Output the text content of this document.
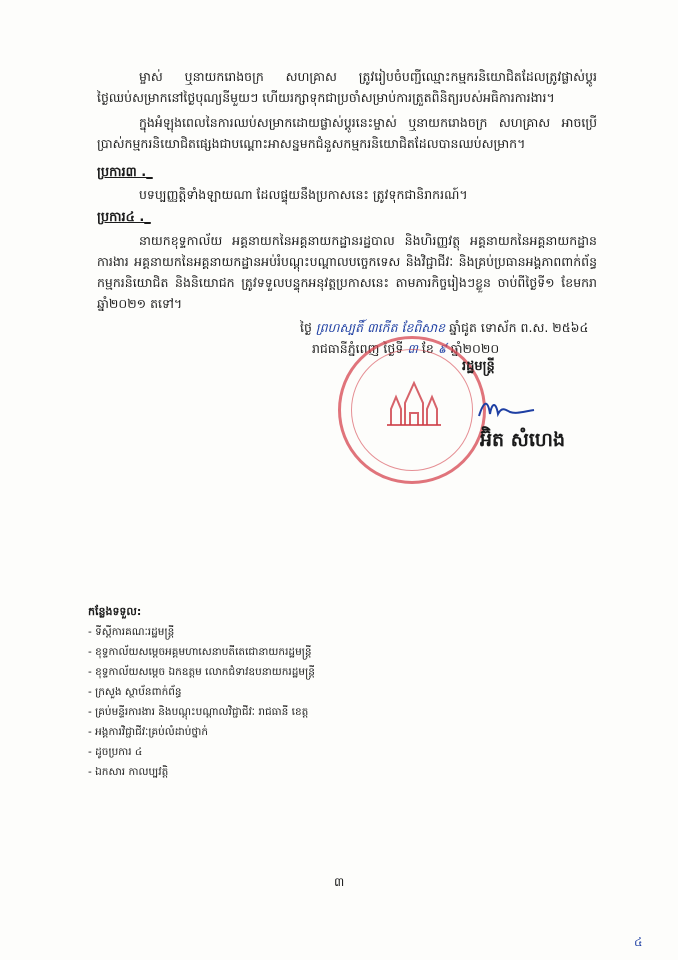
ម្ចាស់ ឬនាយករោងចក្រ សហគ្រាស ត្រូវរៀបចំបញ្ជីឈ្មោះកម្មករនិយោជិតដែលត្រូវផ្លាស់ប្តូរថ្ងៃឈប់សម្រាកនៅថ្ងៃបុណ្យនីមួយៗ ហើយរក្សាទុកជាប្រចាំសម្រាប់ការត្រួតពិនិត្យរបស់អធិការការងារ។
ក្នុងអំឡុងពេលនៃការឈប់សម្រាកដោយផ្លាស់ប្តូរនេះម្ចាស់ ឬនាយករោងចក្រ សហគ្រាស អាចប្រើប្រាស់កម្មករនិយោជិតផ្សេងជាបណ្តោះអាសន្នមកជំនួសកម្មករនិយោជិតដែលបានឈប់សម្រាក។
ប្រការ៣ ._
បទប្បញ្ញត្តិទាំងឡាយណា ដែលផ្ទុយនឹងប្រកាសនេះ ត្រូវទុកជានិរាករណ៍។
ប្រការ៤ ._
នាយកខុទ្ទកាល័យ អគ្គនាយកនៃអគ្គនាយកដ្ឋានរដ្ឋបាល និងហិរញ្ញវត្ថុ អគ្គនាយកនៃអគ្គនាយកដ្ឋានការងារ អគ្គនាយកនៃអគ្គនាយកដ្ឋានអប់រំបណ្តុះបណ្តាលបច្ចេកទេស និងវិជ្ជាជីវៈ និងគ្រប់ប្រធានអង្គភាពពាក់ព័ន្ធ កម្មករនិយោជិត និងនិយោជក ត្រូវទទួលបន្ទុកអនុវត្តប្រកាសនេះ តាមភារកិច្ចរៀងៗខ្លួន ចាប់ពីថ្ងៃទី១ ខែមករា ឆ្នាំ២០២១ តទៅ។
ថ្ងៃ ព្រហស្បតិ៍ ៣កើត ខែពិសាខ ឆ្នាំជូត ទោស័ក ព.ស. ២៥៦៤
រាជធានីភ្នំពេញ ថ្ងៃទី ៣ ខែ ៩ ឆ្នាំ២០២០
រដ្ឋមន្ត្រី
អ៊ិត សំហេង
កន្លែងទទួល:
- ទីស្តីការគណៈរដ្ឋមន្ត្រី
- ខុទ្ទកាល័យសម្តេចអគ្គមហាសេនាបតីតេជោនាយករដ្ឋមន្ត្រី
- ខុទ្ទកាល័យសម្តេច ឯកឧត្តម លោកជំទាវឧបនាយករដ្ឋមន្ត្រី
- ក្រសួង ស្ថាប័នពាក់ព័ន្ធ
- គ្រប់មន្ទីរការងារ និងបណ្តុះបណ្តាលវិជ្ជាជីវៈ រាជធានី ខេត្ត
- អង្គការវិជ្ជាជីវៈគ្រប់លំដាប់ថ្នាក់
- ដូចប្រការ ៤
- ឯកសារ កាលប្បវត្តិ
៣
៤
